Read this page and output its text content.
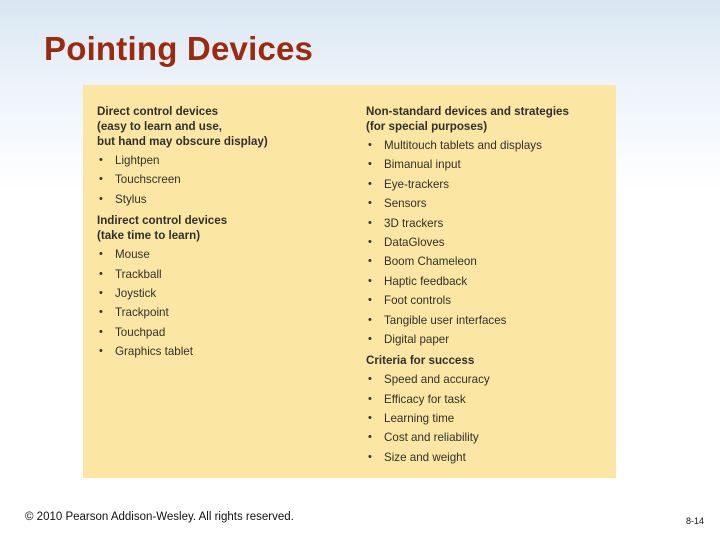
Pointing Devices
Direct control devices
(easy to learn and use,
but hand may obscure display)
• Lightpen
• Touchscreen
• Stylus
Indirect control devices
(take time to learn)
• Mouse
• Trackball
• Joystick
• Trackpoint
• Touchpad
• Graphics tablet
Non-standard devices and strategies
(for special purposes)
• Multitouch tablets and displays
• Bimanual input
• Eye-trackers
• Sensors
• 3D trackers
• DataGloves
• Boom Chameleon
• Haptic feedback
• Foot controls
• Tangible user interfaces
• Digital paper
Criteria for success
• Speed and accuracy
• Efficacy for task
• Learning time
• Cost and reliability
• Size and weight
© 2010 Pearson Addison-Wesley. All rights reserved.	8-14
